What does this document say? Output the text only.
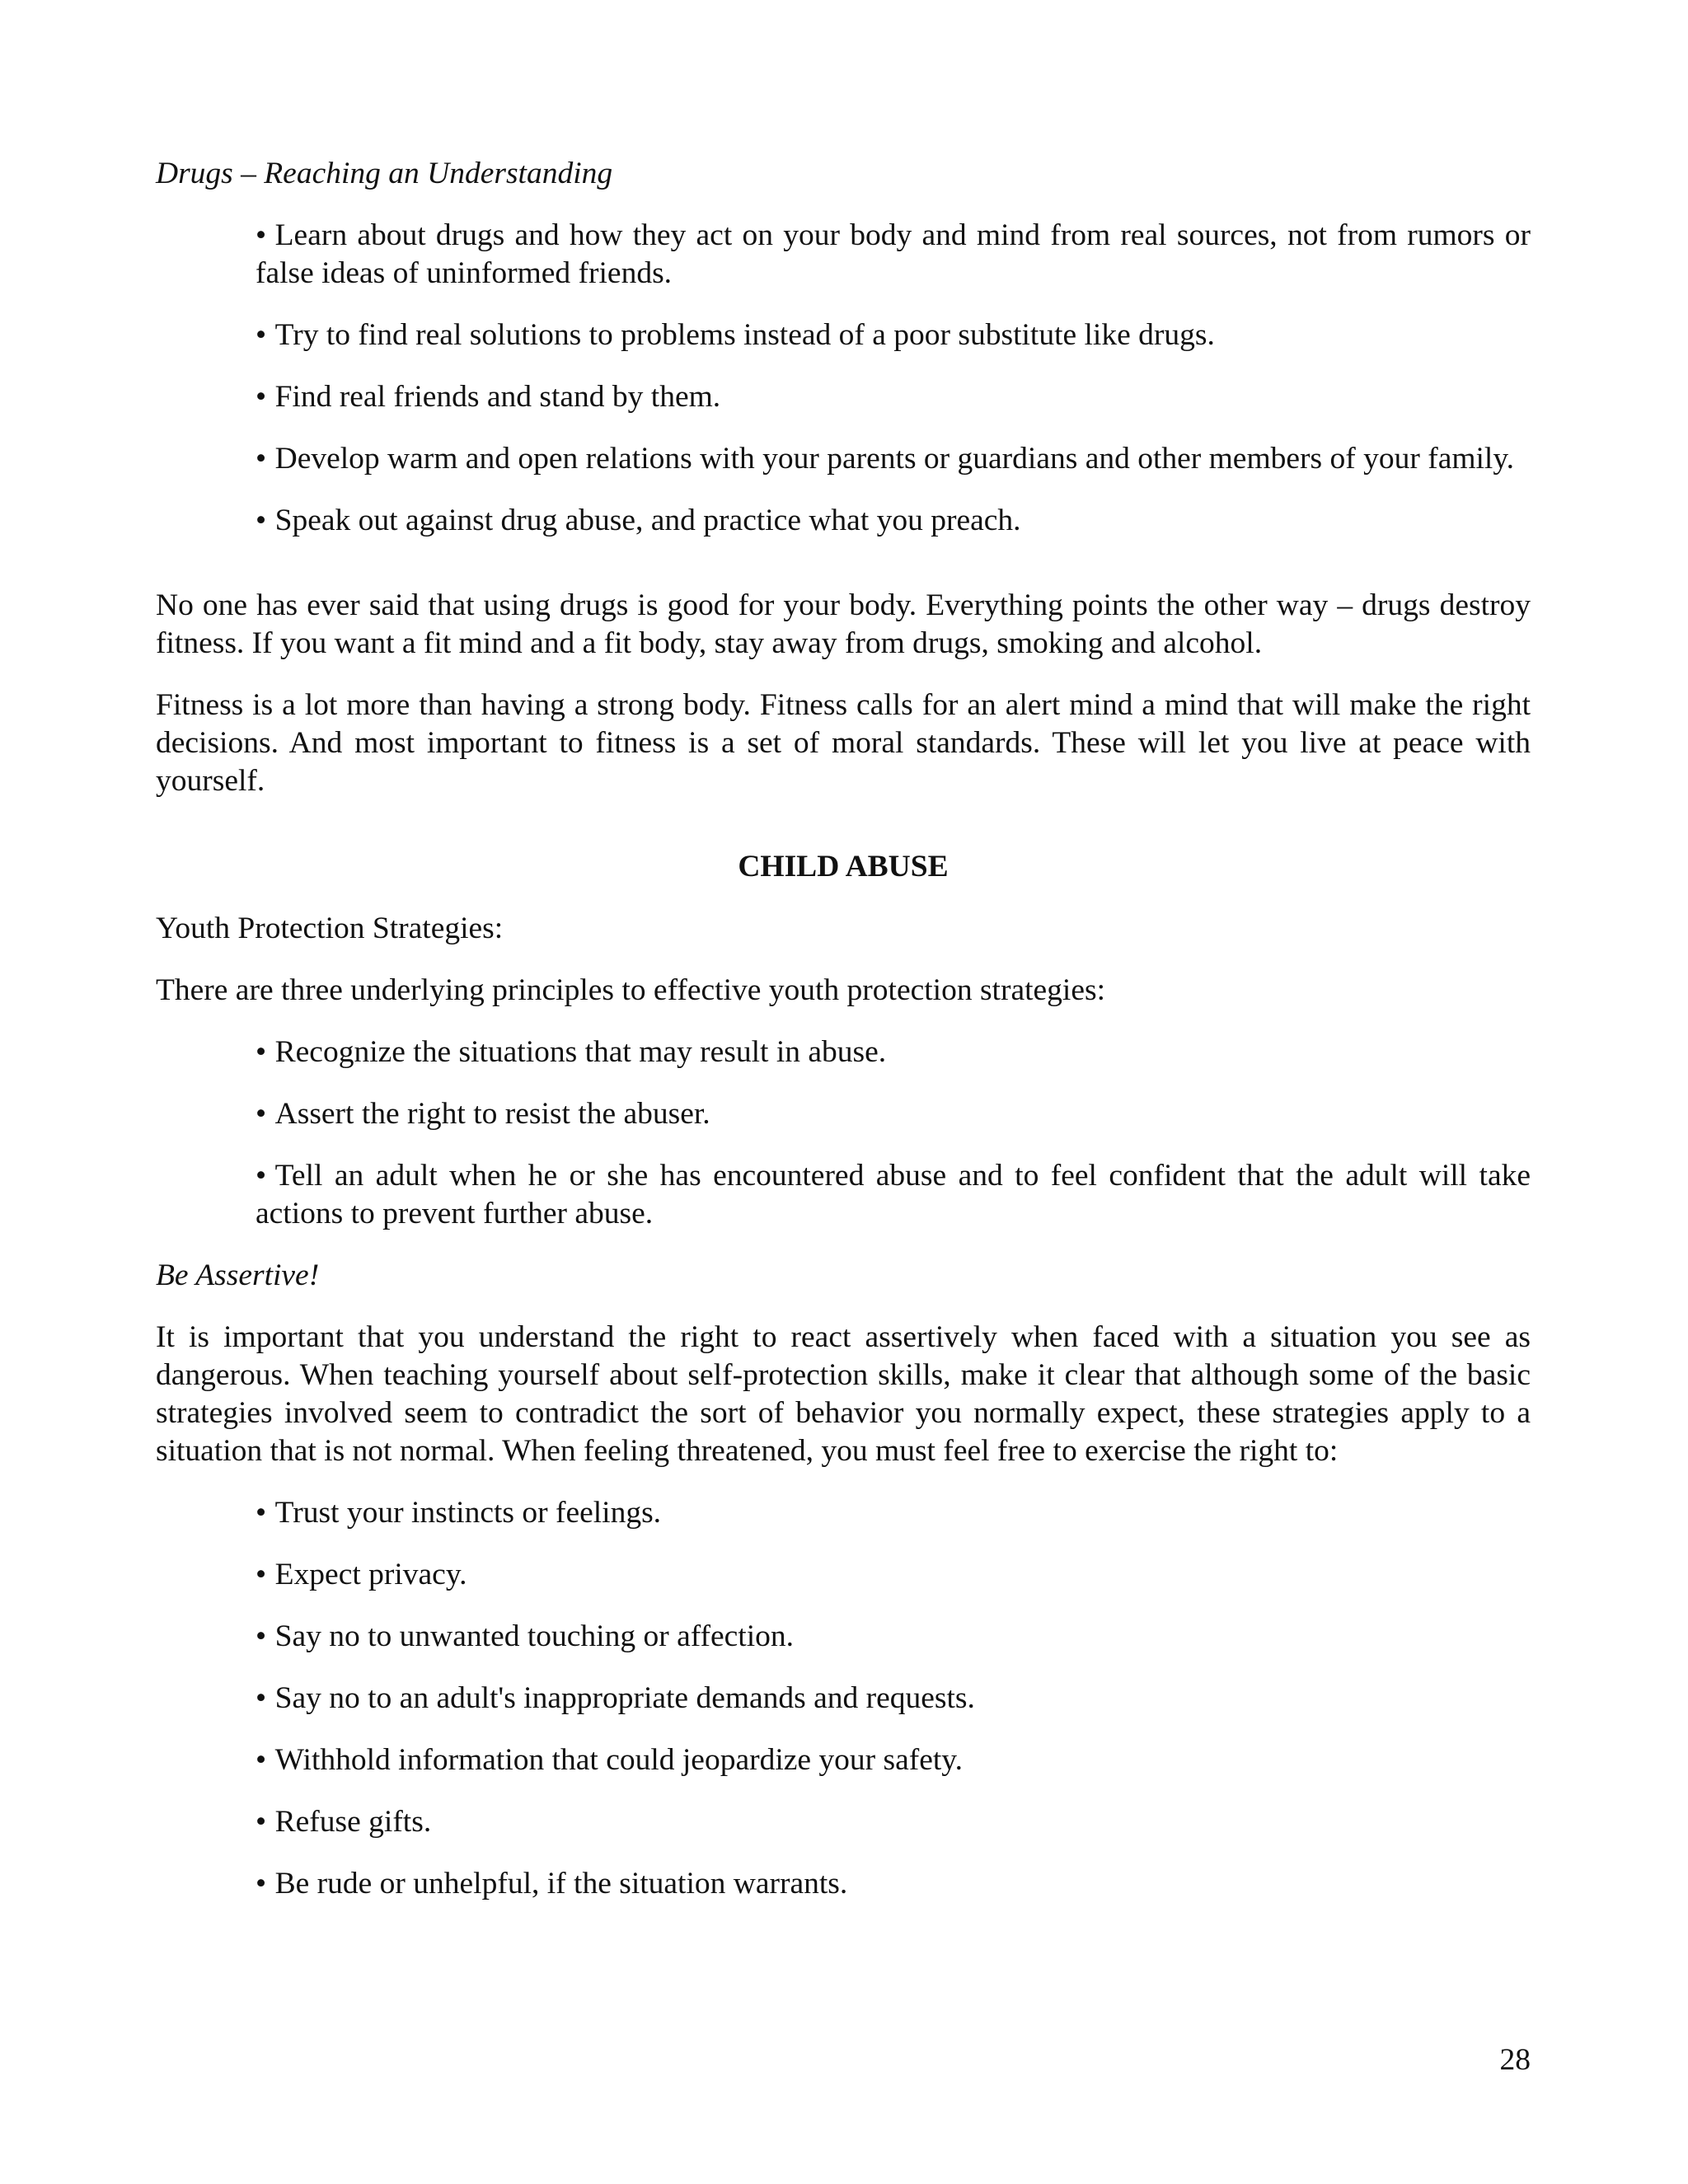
Drugs – Reaching an Understanding
• Learn about drugs and how they act on your body and mind from real sources, not from rumors or false ideas of uninformed friends.
• Try to find real solutions to problems instead of a poor substitute like drugs.
• Find real friends and stand by them.
• Develop warm and open relations with your parents or guardians and other members of your family.
• Speak out against drug abuse, and practice what you preach.

No one has ever said that using drugs is good for your body. Everything points the other way – drugs destroy fitness. If you want a fit mind and a fit body, stay away from drugs, smoking and alcohol.

Fitness is a lot more than having a strong body. Fitness calls for an alert mind a mind that will make the right decisions. And most important to fitness is a set of moral standards. These will let you live at peace with yourself.

CHILD ABUSE

Youth Protection Strategies:

There are three underlying principles to effective youth protection strategies:

• Recognize the situations that may result in abuse.
• Assert the right to resist the abuser.
• Tell an adult when he or she has encountered abuse and to feel confident that the adult will take actions to prevent further abuse.
Be Assertive!

It is important that you understand the right to react assertively when faced with a situation you see as dangerous. When teaching yourself about self-protection skills, make it clear that although some of the basic strategies involved seem to contradict the sort of behavior you normally expect, these strategies apply to a situation that is not normal. When feeling threatened, you must feel free to exercise the right to:

• Trust your instincts or feelings.
• Expect privacy.
• Say no to unwanted touching or affection.
• Say no to an adult's inappropriate demands and requests.
• Withhold information that could jeopardize your safety.
• Refuse gifts.
• Be rude or unhelpful, if the situation warrants.
28
